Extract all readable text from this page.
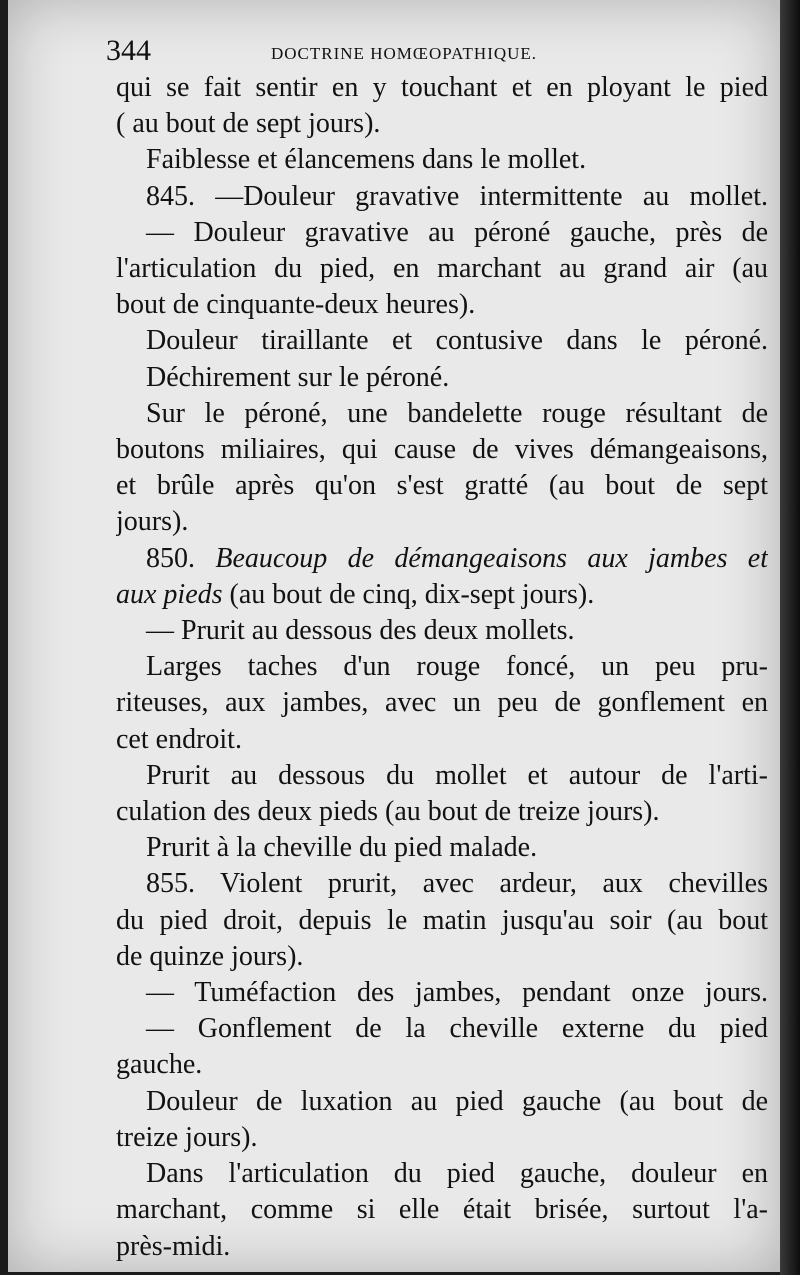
344	DOCTRINE HOMŒOPATHIQUE.
qui se fait sentir en y touchant et en ployant le pied
( au bout de sept jours).
Faiblesse et élancemens dans le mollet.
845. —Douleur gravative intermittente au mollet.
— Douleur gravative au péroné gauche, près de
l'articulation du pied, en marchant au grand air (au
bout de cinquante-deux heures).
Douleur tiraillante et contusive dans le péroné.
Déchirement sur le péroné.
Sur le péroné, une bandelette rouge résultant de
boutons miliaires, qui cause de vives démangeaisons,
et brûle après qu'on s'est gratté (au bout de sept
jours).
850. Beaucoup de démangeaisons aux jambes et
aux pieds (au bout de cinq, dix-sept jours).
— Prurit au dessous des deux mollets.
Larges taches d'un rouge foncé, un peu pru-
riteuses, aux jambes, avec un peu de gonflement en
cet endroit.
Prurit au dessous du mollet et autour de l'arti-
culation des deux pieds (au bout de treize jours).
Prurit à la cheville du pied malade.
855. Violent prurit, avec ardeur, aux chevilles
du pied droit, depuis le matin jusqu'au soir (au bout
de quinze jours).
— Tuméfaction des jambes, pendant onze jours.
— Gonflement de la cheville externe du pied
gauche.
Douleur de luxation au pied gauche (au bout de
treize jours).
Dans l'articulation du pied gauche, douleur en
marchant, comme si elle était brisée, surtout l'a-
près-midi.
